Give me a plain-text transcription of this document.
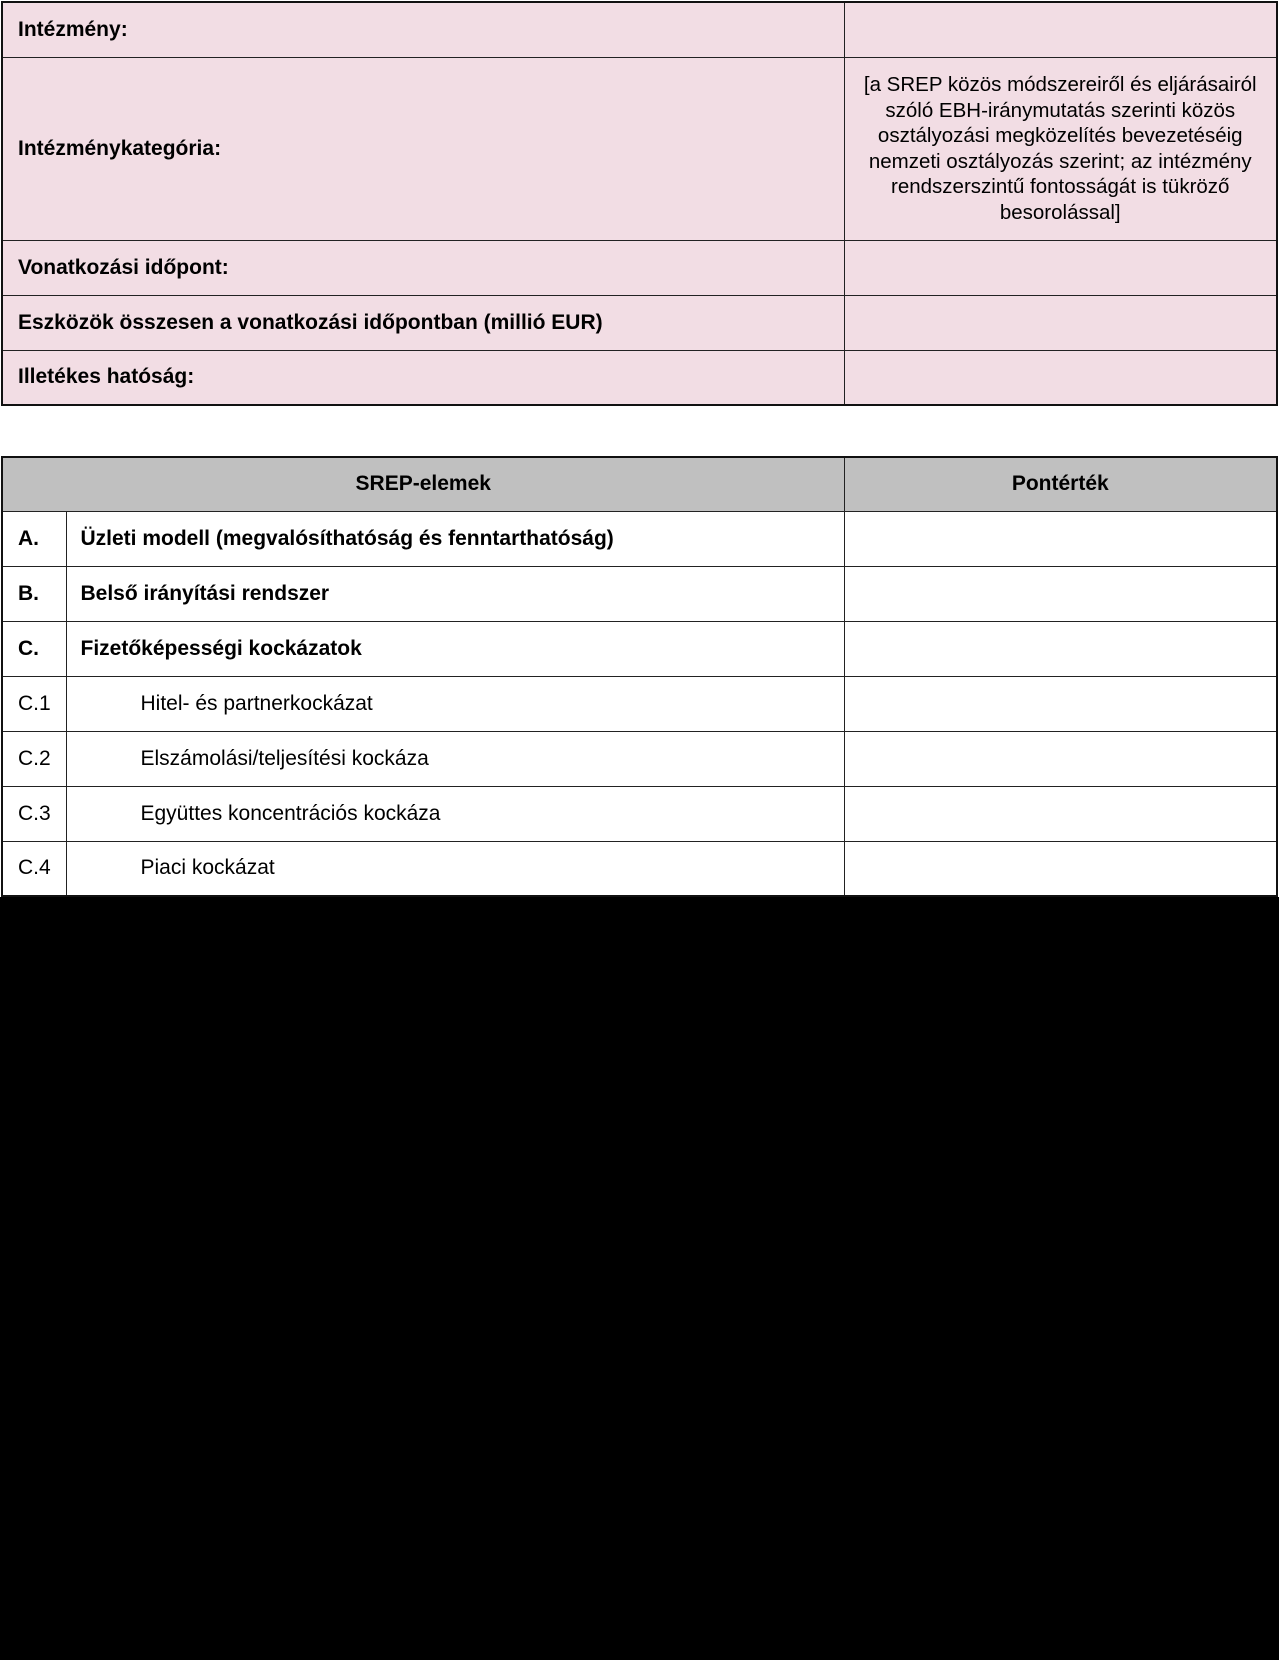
Intézmény:	
Intézménykategória:	[a SREP közös módszereiről és eljárásairól szóló EBH-iránymutatás szerinti közös osztályozási megközelítés bevezetéséig nemzeti osztályozás szerint; az intézmény rendszerszintű fontosságát is tükröző besorolással]
Vonatkozási időpont:	
Eszközök összesen a vonatkozási időpontban (millió EUR)	
Illetékes hatóság:	
SREP-elemek		Pontérték
A.	Üzleti modell (megvalósíthatóság és fenntarthatóság)	
B.	Belső irányítási rendszer	
C.	Fizetőképességi kockázatok	
C.1	Hitel- és partnerkockázat	
C.2	Elszámolási/teljesítési kockáza	
C.3	Együttes koncentrációs kockáza	
C.4	Piaci kockázat	
